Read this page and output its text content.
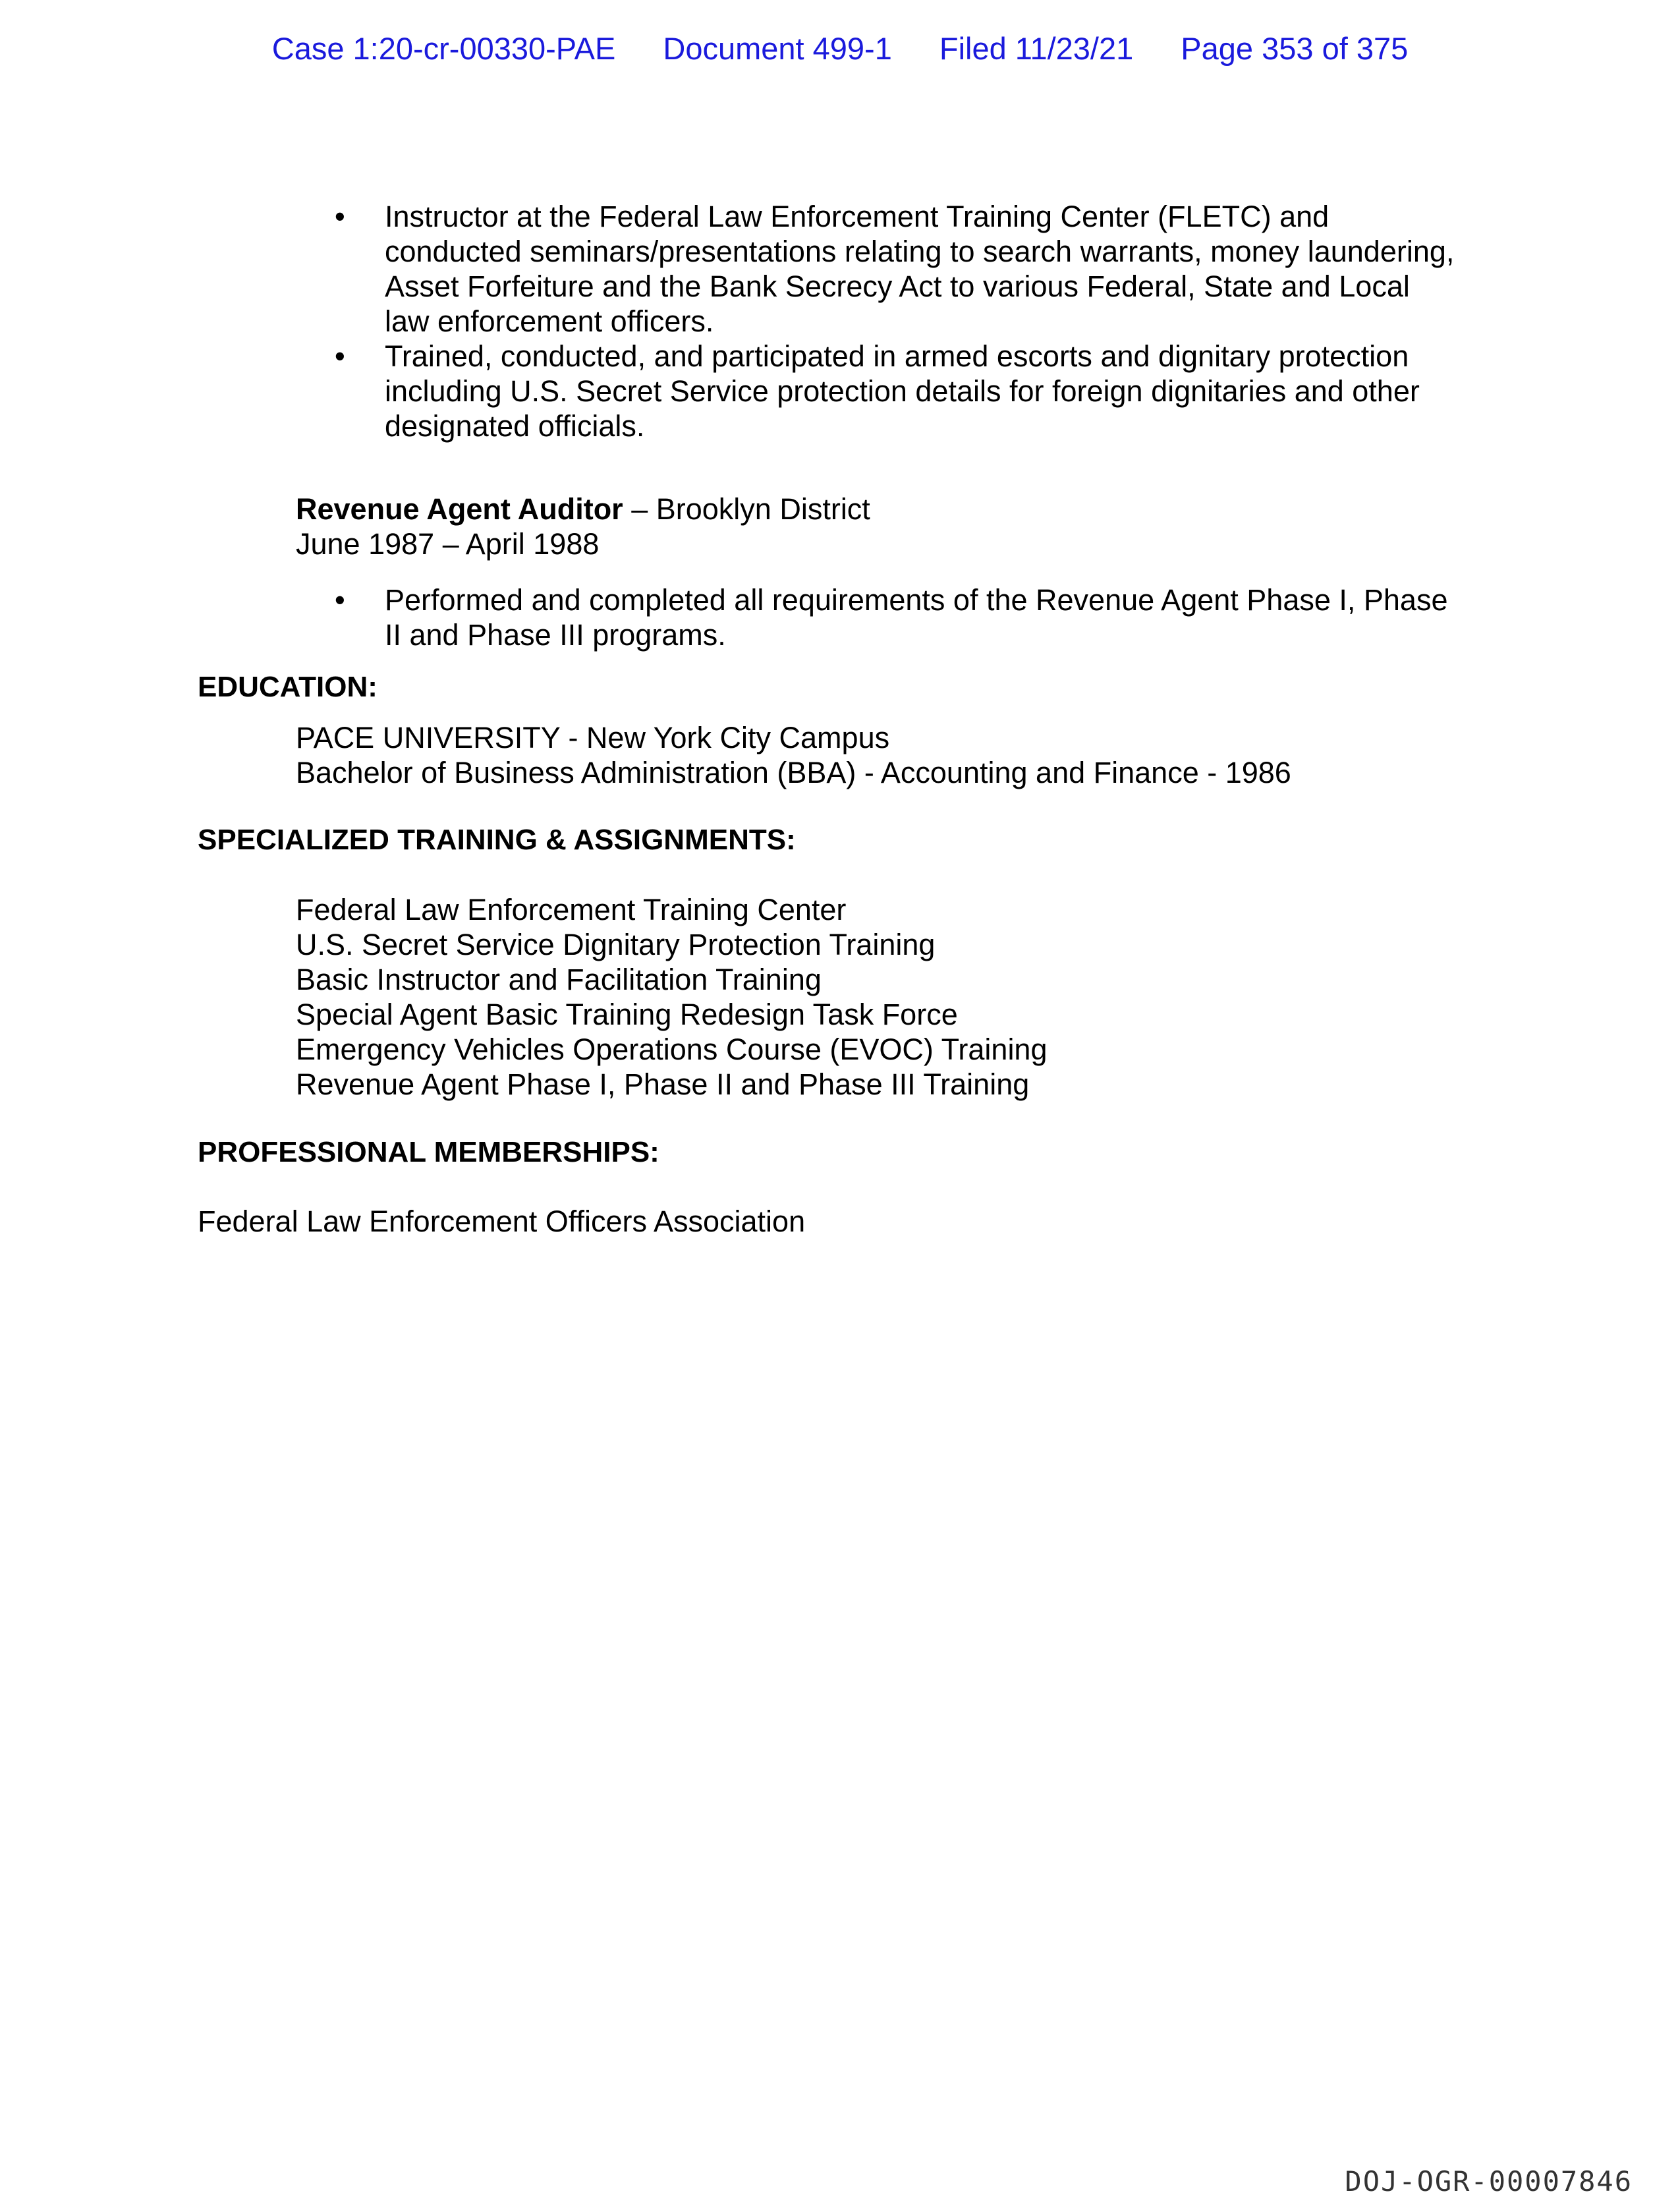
Case 1:20-cr-00330-PAE Document 499-1 Filed 11/23/21 Page 353 of 375
• Instructor at the Federal Law Enforcement Training Center (FLETC) and
conducted seminars/presentations relating to search warrants, money laundering,
Asset Forfeiture and the Bank Secrecy Act to various Federal, State and Local
law enforcement officers.
• Trained, conducted, and participated in armed escorts and dignitary protection
including U.S. Secret Service protection details for foreign dignitaries and other
designated officials.
Revenue Agent Auditor – Brooklyn District
June 1987 – April 1988
• Performed and completed all requirements of the Revenue Agent Phase I, Phase
II and Phase III programs.
EDUCATION:
PACE UNIVERSITY - New York City Campus
Bachelor of Business Administration (BBA) - Accounting and Finance - 1986
SPECIALIZED TRAINING & ASSIGNMENTS:
Federal Law Enforcement Training Center
U.S. Secret Service Dignitary Protection Training
Basic Instructor and Facilitation Training
Special Agent Basic Training Redesign Task Force
Emergency Vehicles Operations Course (EVOC) Training
Revenue Agent Phase I, Phase II and Phase III Training
PROFESSIONAL MEMBERSHIPS:
Federal Law Enforcement Officers Association
DOJ-OGR-00007846
